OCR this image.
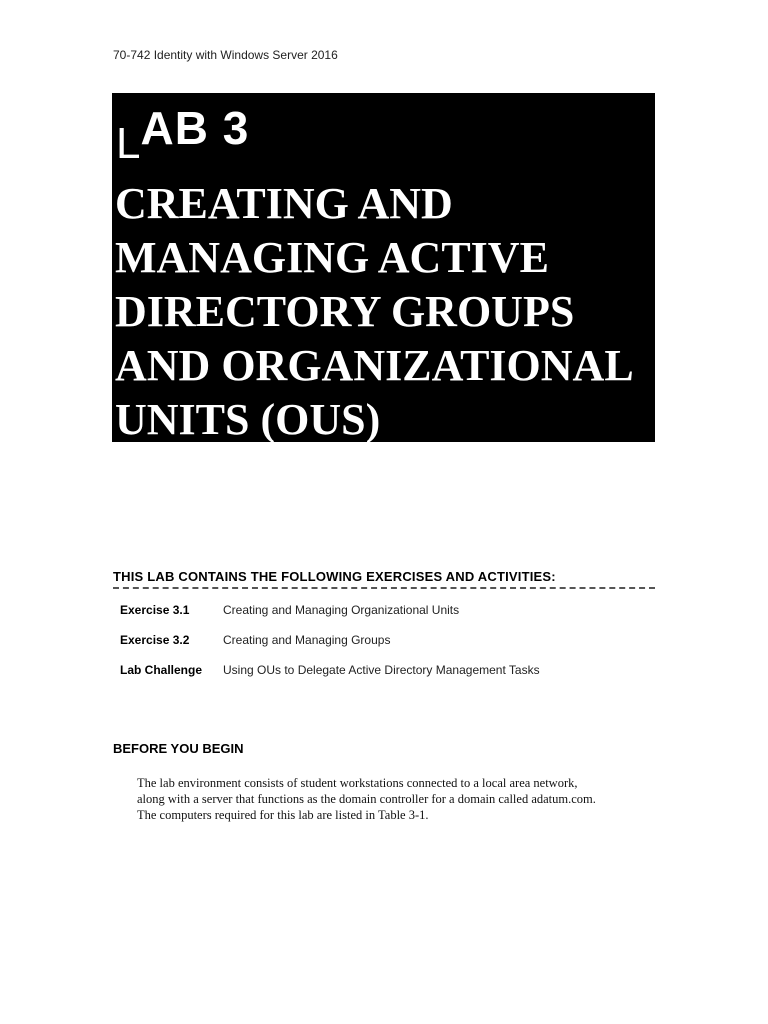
70-742 Identity with Windows Server 2016
LAB 3
CREATING AND MANAGING ACTIVE DIRECTORY GROUPS AND ORGANIZATIONAL UNITS (OUS)
THIS LAB CONTAINS THE FOLLOWING EXERCISES AND ACTIVITIES:
Exercise 3.1	Creating and Managing Organizational Units
Exercise 3.2	Creating and Managing Groups
Lab Challenge	Using OUs to Delegate Active Directory Management Tasks
BEFORE YOU BEGIN
The lab environment consists of student workstations connected to a local area network, along with a server that functions as the domain controller for a domain called adatum.com. The computers required for this lab are listed in Table 3-1.
